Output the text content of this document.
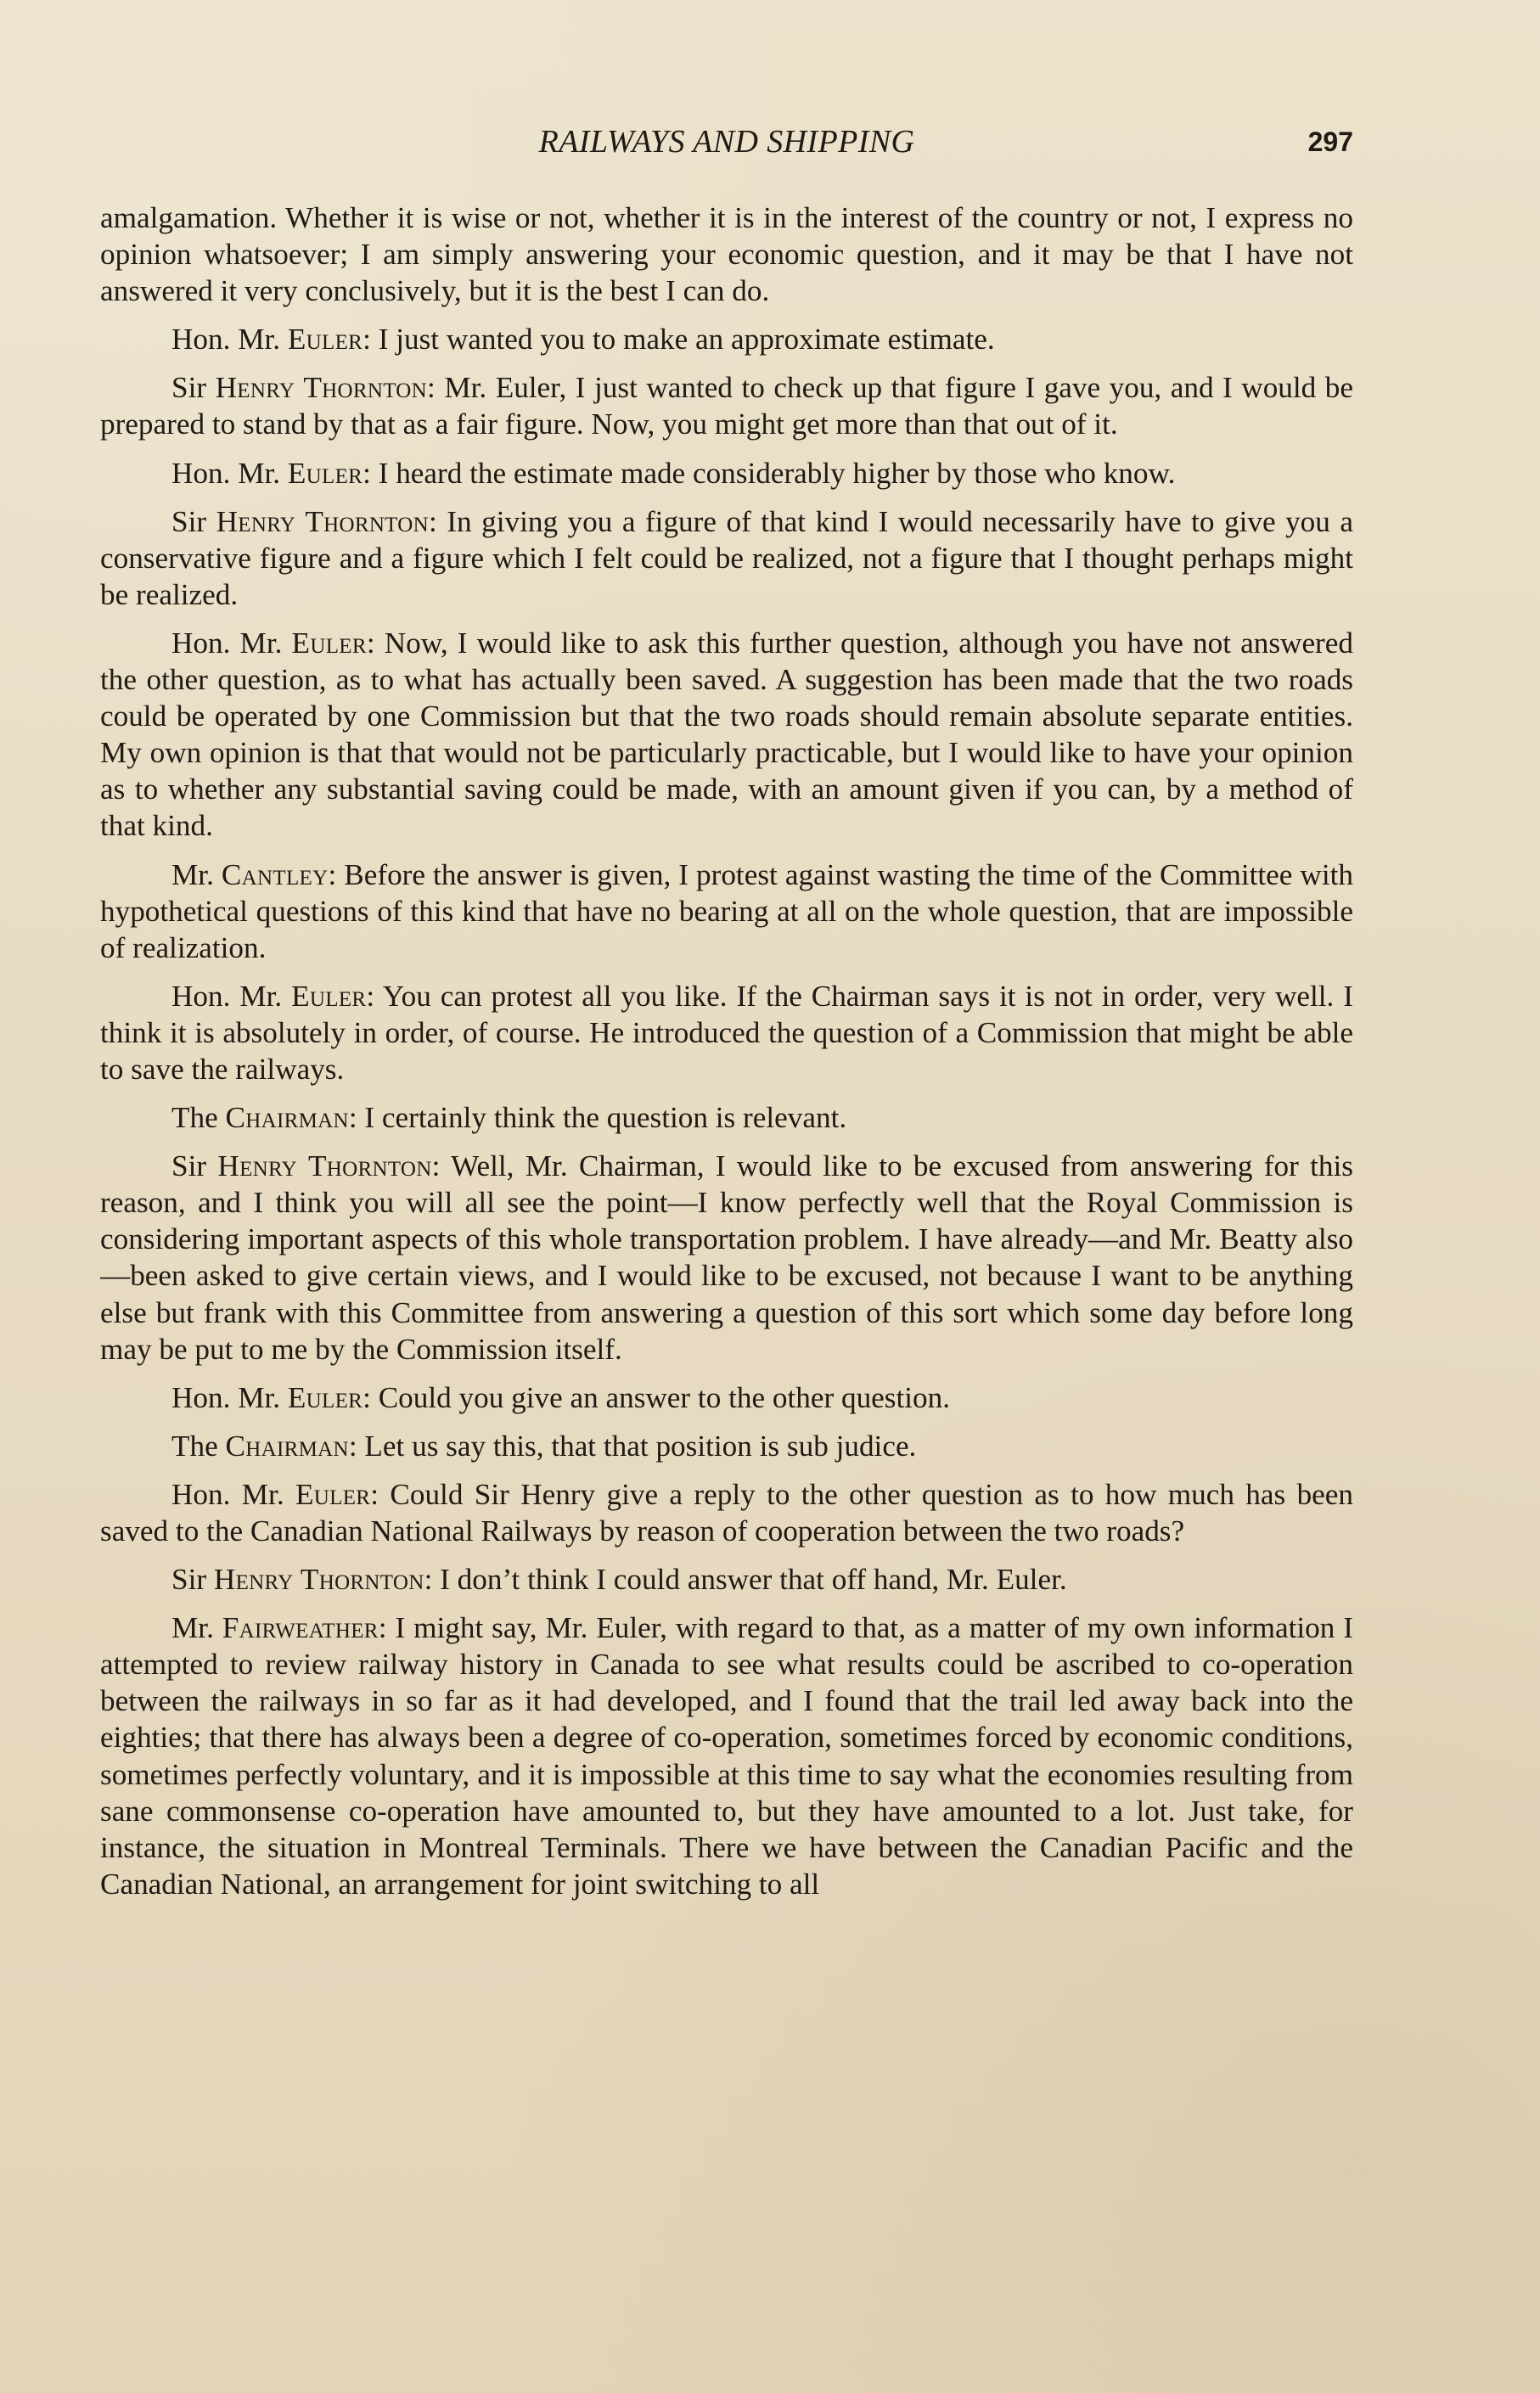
RAILWAYS AND SHIPPING	297

amalgamation. Whether it is wise or not, whether it is in the interest of the country or not, I express no opinion whatsoever; I am simply answering your economic question, and it may be that I have not answered it very conclusively, but it is the best I can do.

Hon. Mr. Euler: I just wanted you to make an approximate estimate.

Sir Henry Thornton: Mr. Euler, I just wanted to check up that figure I gave you, and I would be prepared to stand by that as a fair figure. Now, you might get more than that out of it.

Hon. Mr. Euler: I heard the estimate made considerably higher by those who know.

Sir Henry Thornton: In giving you a figure of that kind I would necessarily have to give you a conservative figure and a figure which I felt could be realized, not a figure that I thought perhaps might be realized.

Hon. Mr. Euler: Now, I would like to ask this further question, although you have not answered the other question, as to what has actually been saved. A suggestion has been made that the two roads could be operated by one Commission but that the two roads should remain absolute separate entities. My own opinion is that that would not be particularly practicable, but I would like to have your opinion as to whether any substantial saving could be made, with an amount given if you can, by a method of that kind.

Mr. Cantley: Before the answer is given, I protest against wasting the time of the Committee with hypothetical questions of this kind that have no bearing at all on the whole question, that are impossible of realization.

Hon. Mr. Euler: You can protest all you like. If the Chairman says it is not in order, very well. I think it is absolutely in order, of course. He introduced the question of a Commission that might be able to save the railways.

The Chairman: I certainly think the question is relevant.

Sir Henry Thornton: Well, Mr. Chairman, I would like to be excused from answering for this reason, and I think you will all see the point—I know perfectly well that the Royal Commission is considering important aspects of this whole transportation problem. I have already—and Mr. Beatty also—been asked to give certain views, and I would like to be excused, not because I want to be anything else but frank with this Committee from answering a question of this sort which some day before long may be put to me by the Commission itself.

Hon. Mr. Euler: Could you give an answer to the other question.

The Chairman: Let us say this, that that position is sub judice.

Hon. Mr. Euler: Could Sir Henry give a reply to the other question as to how much has been saved to the Canadian National Railways by reason of cooperation between the two roads?

Sir Henry Thornton: I don’t think I could answer that off hand, Mr. Euler.

Mr. Fairweather: I might say, Mr. Euler, with regard to that, as a matter of my own information I attempted to review railway history in Canada to see what results could be ascribed to co-operation between the railways in so far as it had developed, and I found that the trail led away back into the eighties; that there has always been a degree of co-operation, sometimes forced by economic conditions, sometimes perfectly voluntary, and it is impossible at this time to say what the economies resulting from sane commonsense co-operation have amounted to, but they have amounted to a lot. Just take, for instance, the situation in Montreal Terminals. There we have between the Canadian Pacific and the Canadian National, an arrangement for joint switching to all
